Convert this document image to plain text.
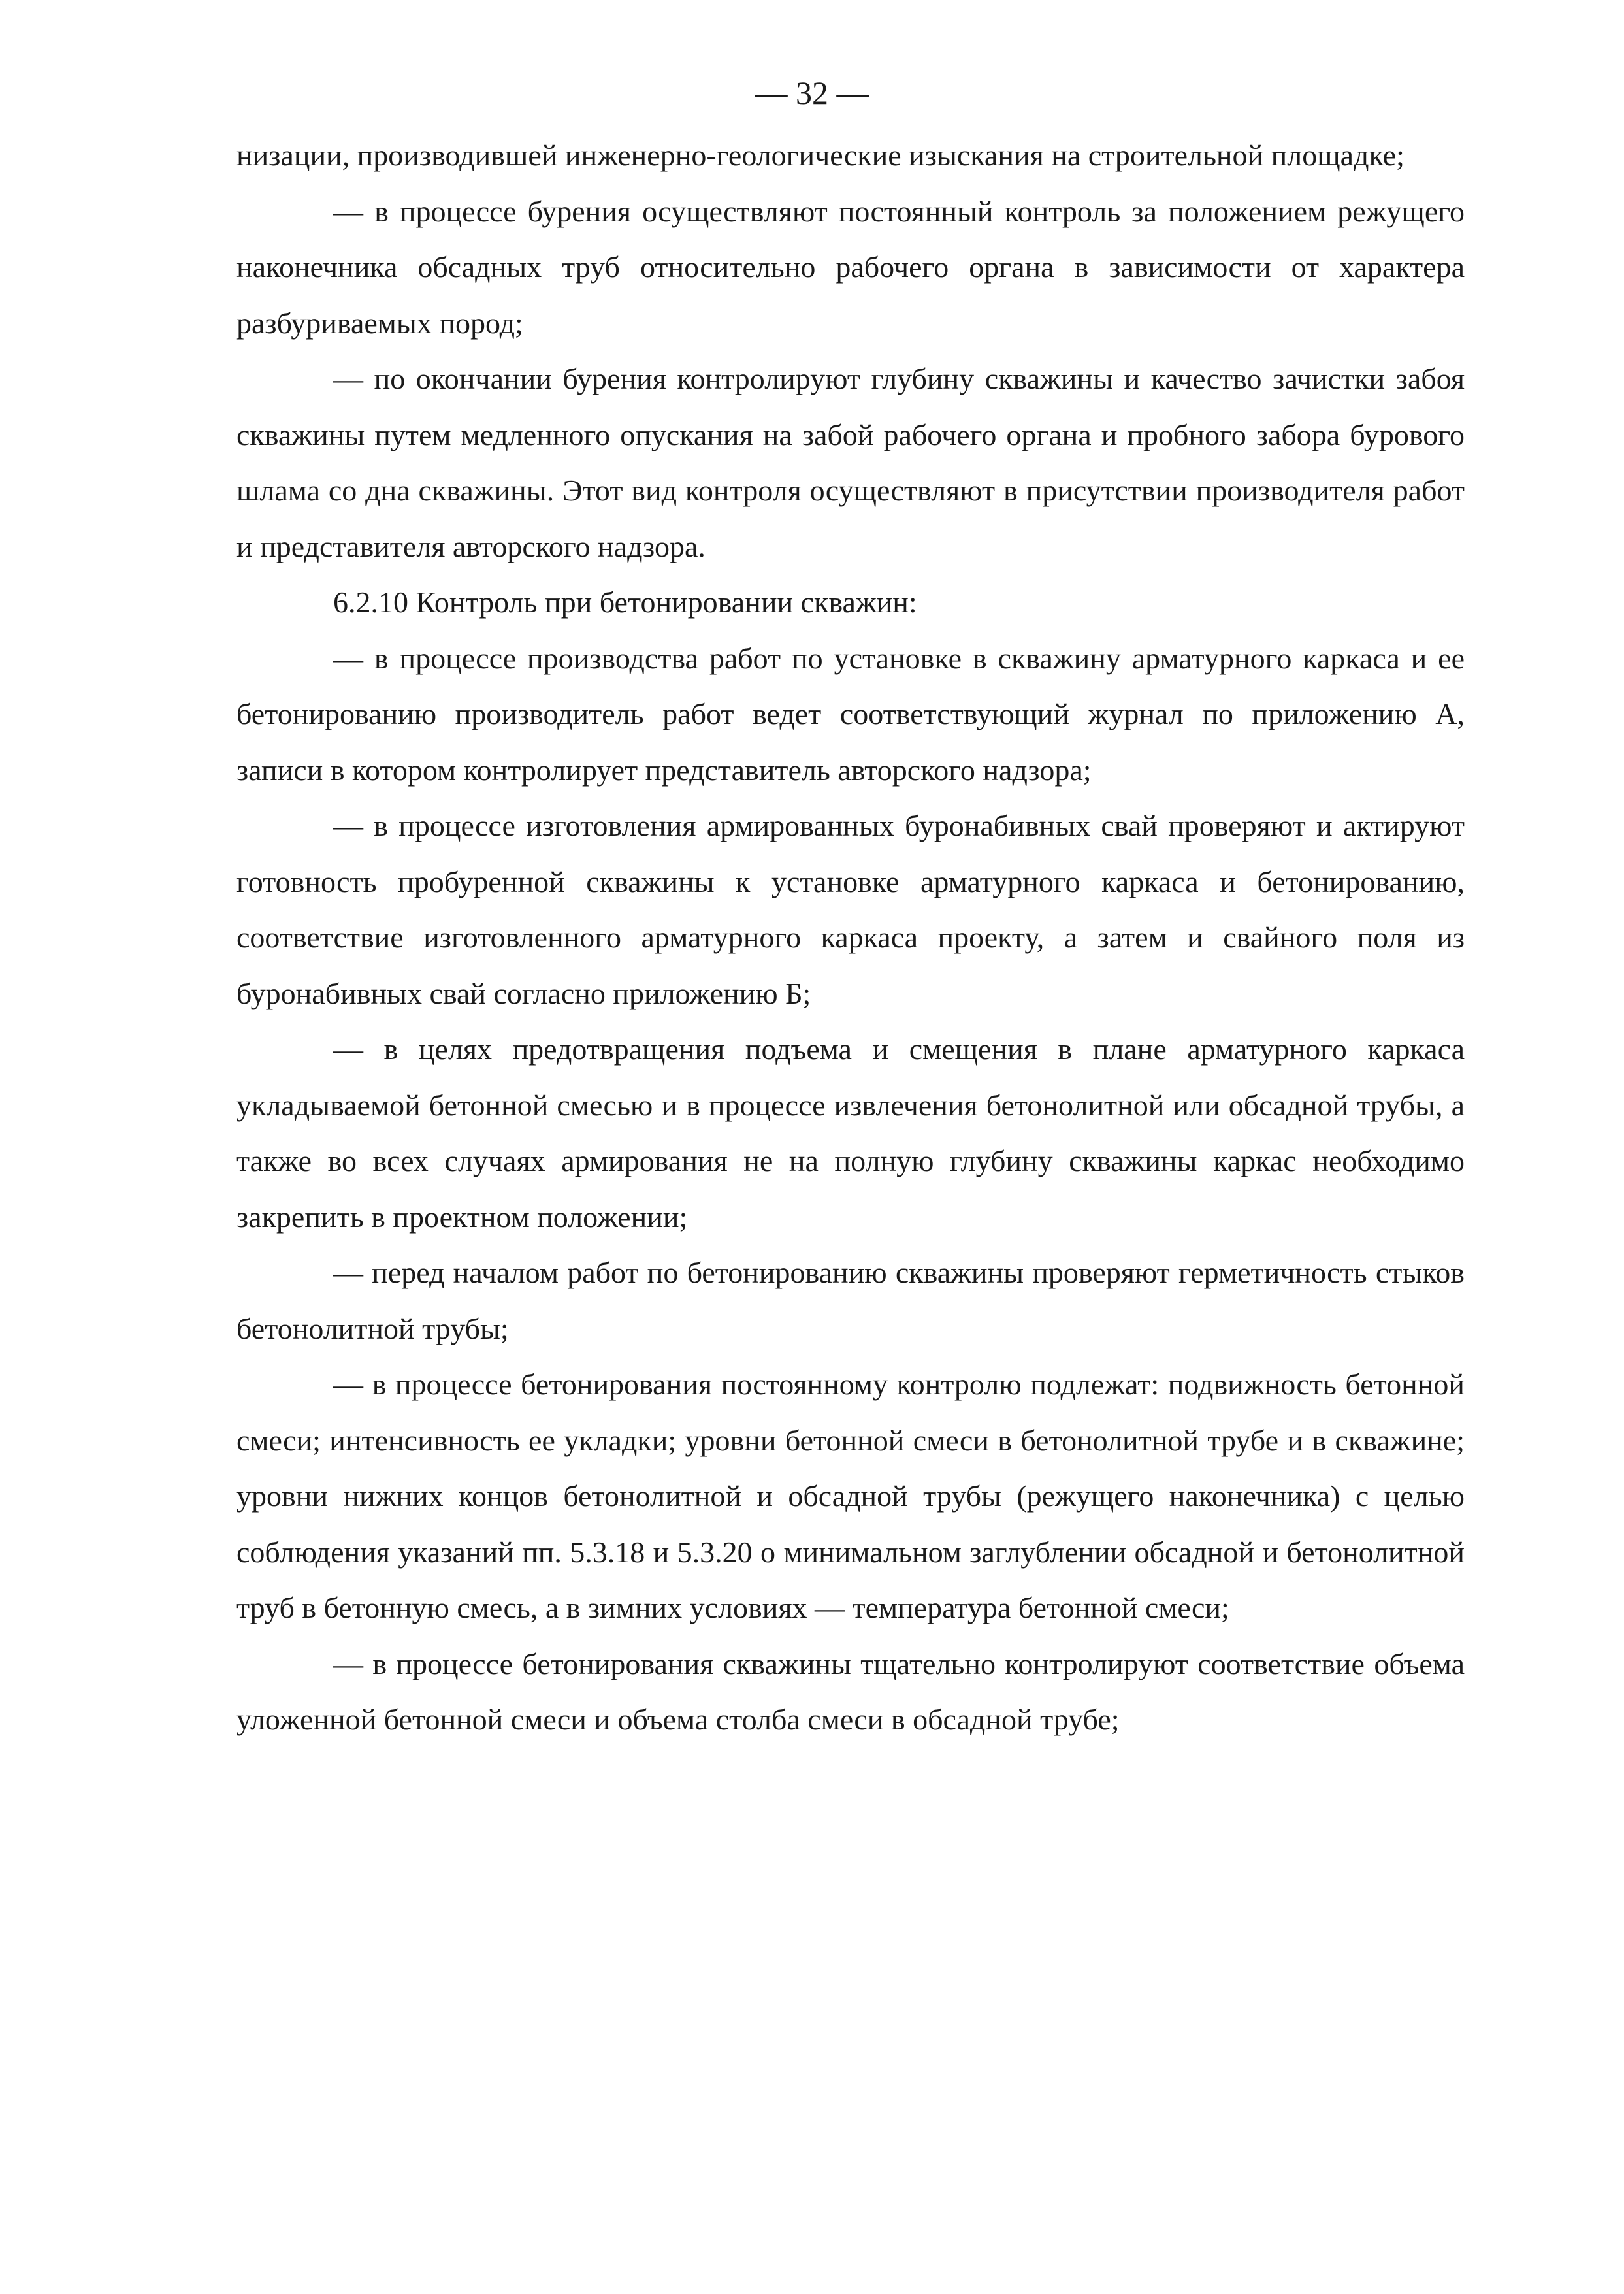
— 32 —

низации, производившей инженерно-геологические изыскания на строительной площадке;

— в процессе бурения осуществляют постоянный контроль за положением режущего наконечника обсадных труб относительно рабочего органа в зависимости от характера разбуриваемых пород;

— по окончании бурения контролируют глубину скважины и качество зачистки забоя скважины путем медленного опускания на забой рабочего органа и пробного забора бурового шлама со дна скважины. Этот вид контроля осуществляют в присутствии производителя работ и представителя авторского надзора.

6.2.10 Контроль при бетонировании скважин:

— в процессе производства работ по установке в скважину арматурного каркаса и ее бетонированию производитель работ ведет соответствующий журнал по приложению А, записи в котором контролирует представитель авторского надзора;

— в процессе изготовления армированных буронабивных свай проверяют и актируют готовность пробуренной скважины к установке арматурного каркаса и бетонированию, соответствие изготовленного арматурного каркаса проекту, а затем и свайного поля из буронабивных свай согласно приложению Б;

— в целях предотвращения подъема и смещения в плане арматурного каркаса укладываемой бетонной смесью и в процессе извлечения бетонолитной или обсадной трубы, а также во всех случаях армирования не на полную глубину скважины каркас необходимо закрепить в проектном положении;

— перед началом работ по бетонированию скважины проверяют герметичность стыков бетонолитной трубы;

— в процессе бетонирования постоянному контролю подлежат: подвижность бетонной смеси; интенсивность ее укладки; уровни бетонной смеси в бетонолитной трубе и в скважине; уровни нижних концов бетонолитной и обсадной трубы (режущего наконечника) с целью соблюдения указаний пп. 5.3.18 и 5.3.20 о минимальном заглублении обсадной и бетонолитной труб в бетонную смесь, а в зимних условиях — температура бетонной смеси;

— в процессе бетонирования скважины тщательно контролируют соответствие объема уложенной бетонной смеси и объема столба смеси в обсадной трубе;
